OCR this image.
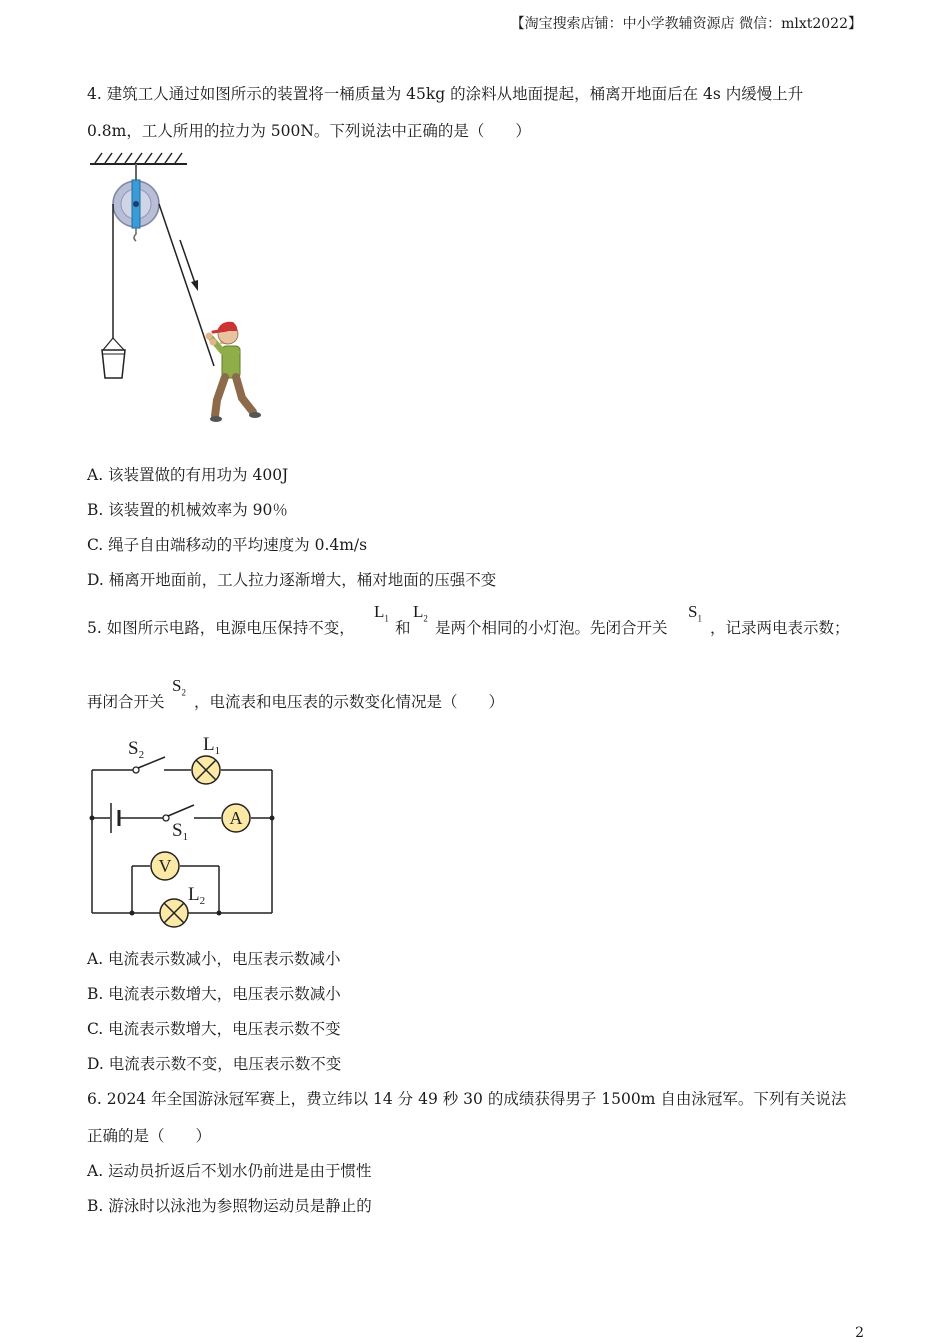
【淘宝搜索店铺：中小学教辅资源店 微信：mlxt2022】
4. 建筑工人通过如图所示的装置将一桶质量为 45kg 的涂料从地面提起，桶离开地面后在 4s 内缓慢上升
0.8m，工人所用的拉力为 500N。下列说法中正确的是（　　）
A. 该装置做的有用功为 400J
B. 该装置的机械效率为 90％
C. 绳子自由端移动的平均速度为 0.4m/s
D. 桶离开地面前，工人拉力逐渐增大，桶对地面的压强不变
5. 如图所示电路，电源电压保持不变，
$L_1$
和
$L_2$
是两个相同的小灯泡。先闭合开关
$S_1$
，记录两电表示数；
再闭合开关
$S_2$
，电流表和电压表的示数变化情况是（　　）
$S_2$	$L_1$
$S_1$
A
V
$L_2$
A. 电流表示数减小，电压表示数减小
B. 电流表示数增大，电压表示数减小
C. 电流表示数增大，电压表示数不变
D. 电流表示数不变，电压表示数不变
6. 2024 年全国游泳冠军赛上，费立纬以 14 分 49 秒 30 的成绩获得男子 1500m 自由泳冠军。下列有关说法
正确的是（　　）
A. 运动员折返后不划水仍前进是由于惯性
B. 游泳时以泳池为参照物运动员是静止的
2
